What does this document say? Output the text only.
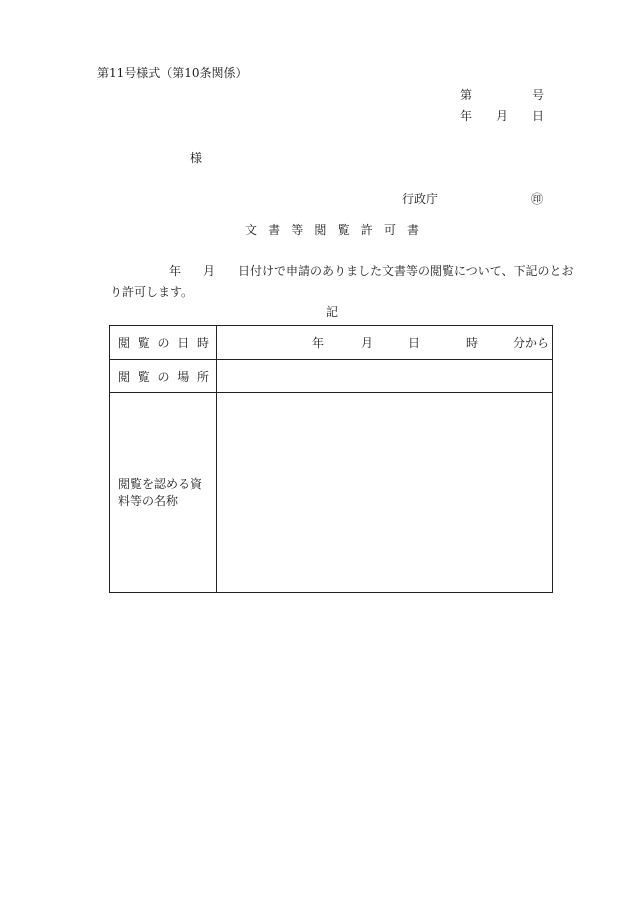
第11号様式（第10条関係）
第	号
年 月 日
様
行政庁	㊞
文 書 等 閲 覧 許 可 書
年 月 日付けで申請のありました文書等の閲覧について、下記のとお
り許可します。
記
閲 覧 の 日 時	年 月 日 時 分から

閲 覧 の 場 所	

閲覧を認める資
料等の名称	
